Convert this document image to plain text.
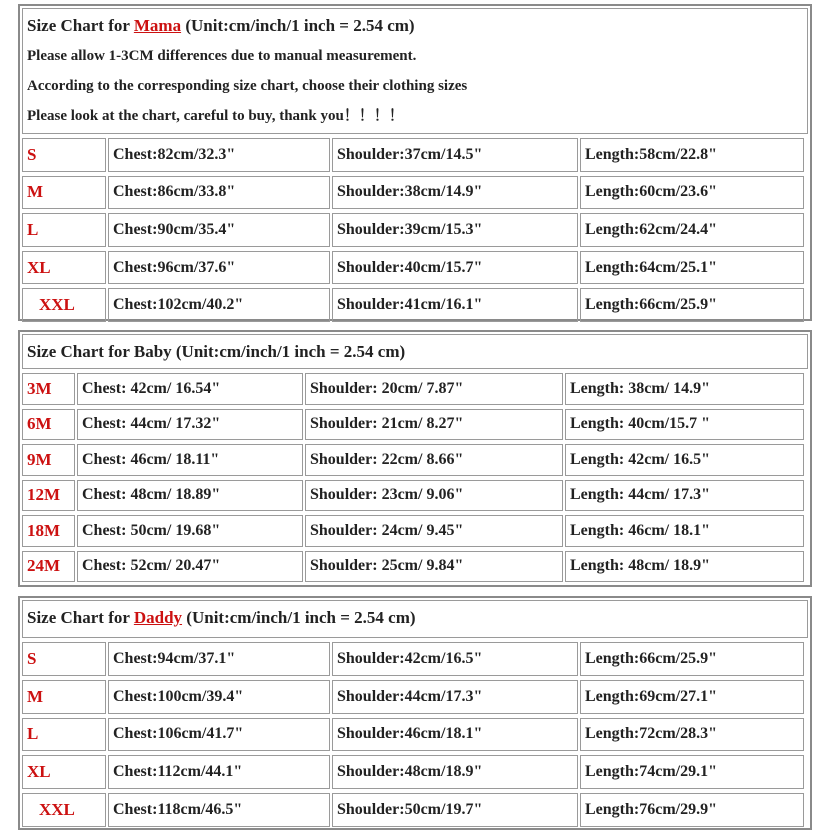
Size Chart for Mama (Unit:cm/inch/1 inch = 2.54 cm)
Please allow 1-3CM differences due to manual measurement.
According to the corresponding size chart, choose their clothing sizes
Please look at the chart, careful to buy, thank you！！！！
S	Chest:82cm/32.3"	Shoulder:37cm/14.5"	Length:58cm/22.8"
M	Chest:86cm/33.8"	Shoulder:38cm/14.9"	Length:60cm/23.6"
L	Chest:90cm/35.4"	Shoulder:39cm/15.3"	Length:62cm/24.4"
XL	Chest:96cm/37.6"	Shoulder:40cm/15.7"	Length:64cm/25.1"
XXL	Chest:102cm/40.2"	Shoulder:41cm/16.1"	Length:66cm/25.9"
Size Chart for Baby (Unit:cm/inch/1 inch = 2.54 cm)
3M	Chest: 42cm/ 16.54"	Shoulder: 20cm/ 7.87"	Length: 38cm/ 14.9"
6M	Chest: 44cm/ 17.32"	Shoulder: 21cm/ 8.27"	Length: 40cm/15.7 "
9M	Chest: 46cm/ 18.11"	Shoulder: 22cm/ 8.66"	Length: 42cm/ 16.5"
12M	Chest: 48cm/ 18.89"	Shoulder: 23cm/ 9.06"	Length: 44cm/ 17.3"
18M	Chest: 50cm/ 19.68"	Shoulder: 24cm/ 9.45"	Length: 46cm/ 18.1"
24M	Chest: 52cm/ 20.47"	Shoulder: 25cm/ 9.84"	Length: 48cm/ 18.9"
Size Chart for Daddy (Unit:cm/inch/1 inch = 2.54 cm)
S	Chest:94cm/37.1"	Shoulder:42cm/16.5"	Length:66cm/25.9"
M	Chest:100cm/39.4"	Shoulder:44cm/17.3"	Length:69cm/27.1"
L	Chest:106cm/41.7"	Shoulder:46cm/18.1"	Length:72cm/28.3"
XL	Chest:112cm/44.1"	Shoulder:48cm/18.9"	Length:74cm/29.1"
XXL	Chest:118cm/46.5"	Shoulder:50cm/19.7"	Length:76cm/29.9"
